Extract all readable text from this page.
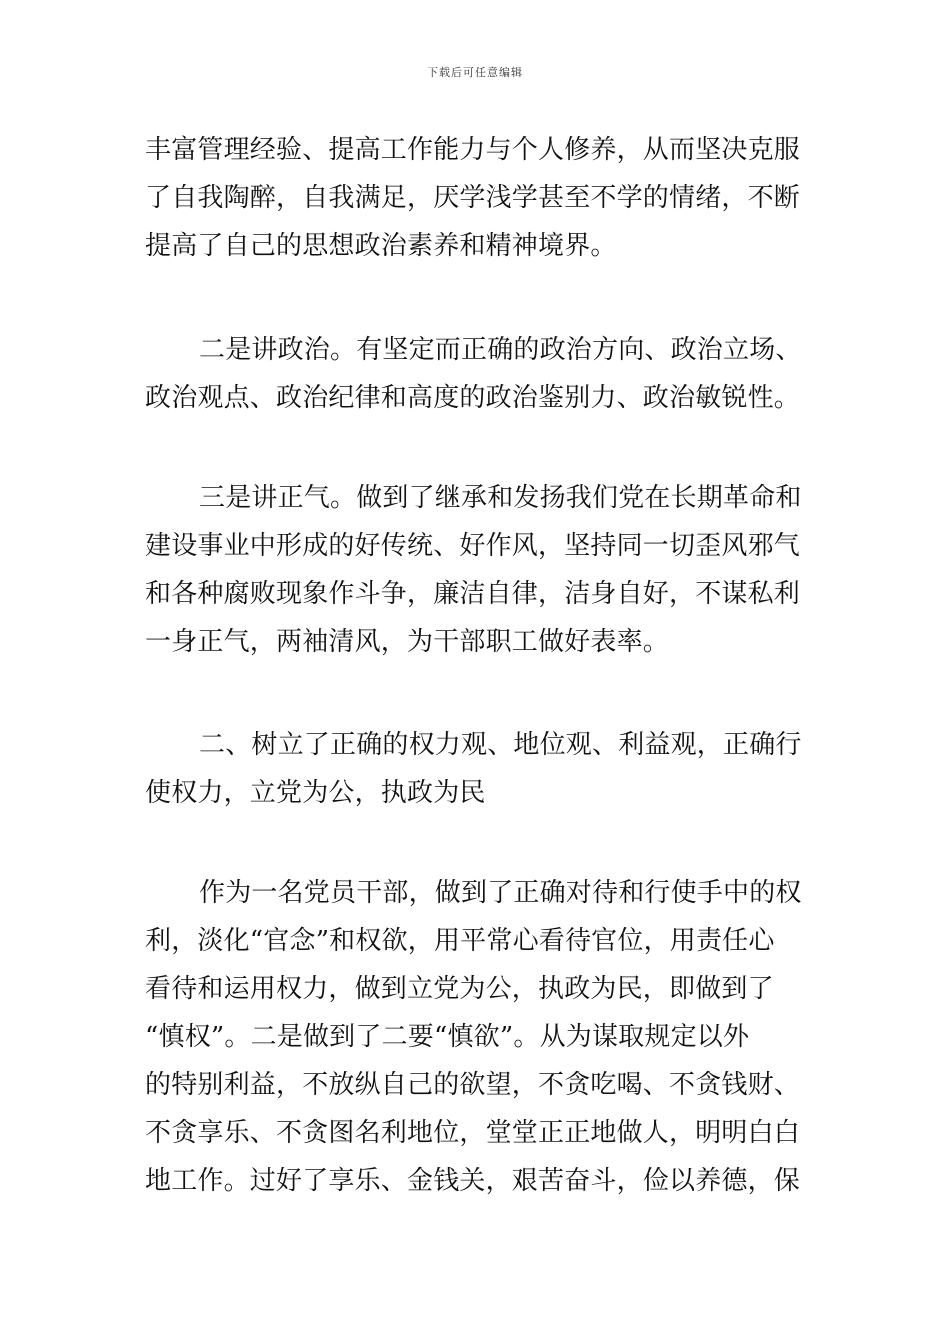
下载后可任意编辑
丰富管理经验、提高工作能力与个人修养，从而坚决克服
了自我陶醉，自我满足，厌学浅学甚至不学的情绪，不断
提高了自己的思想政治素养和精神境界。
二是讲政治。有坚定而正确的政治方向、政治立场、
政治观点、政治纪律和高度的政治鉴别力、政治敏锐性。
三是讲正气。做到了继承和发扬我们党在长期革命和
建设事业中形成的好传统、好作风，坚持同一切歪风邪气
和各种腐败现象作斗争，廉洁自律，洁身自好，不谋私利
一身正气，两袖清风，为干部职工做好表率。
二、树立了正确的权力观、地位观、利益观，正确行
使权力，立党为公，执政为民
作为一名党员干部，做到了正确对待和行使手中的权
利，淡化“官念”和权欲，用平常心看待官位，用责任心
看待和运用权力，做到立党为公，执政为民，即做到了
“慎权”。二是做到了二要“慎欲”。从为谋取规定以外
的特别利益，不放纵自己的欲望，不贪吃喝、不贪钱财、
不贪享乐、不贪图名利地位，堂堂正正地做人，明明白白
地工作。过好了享乐、金钱关，艰苦奋斗，俭以养德，保
